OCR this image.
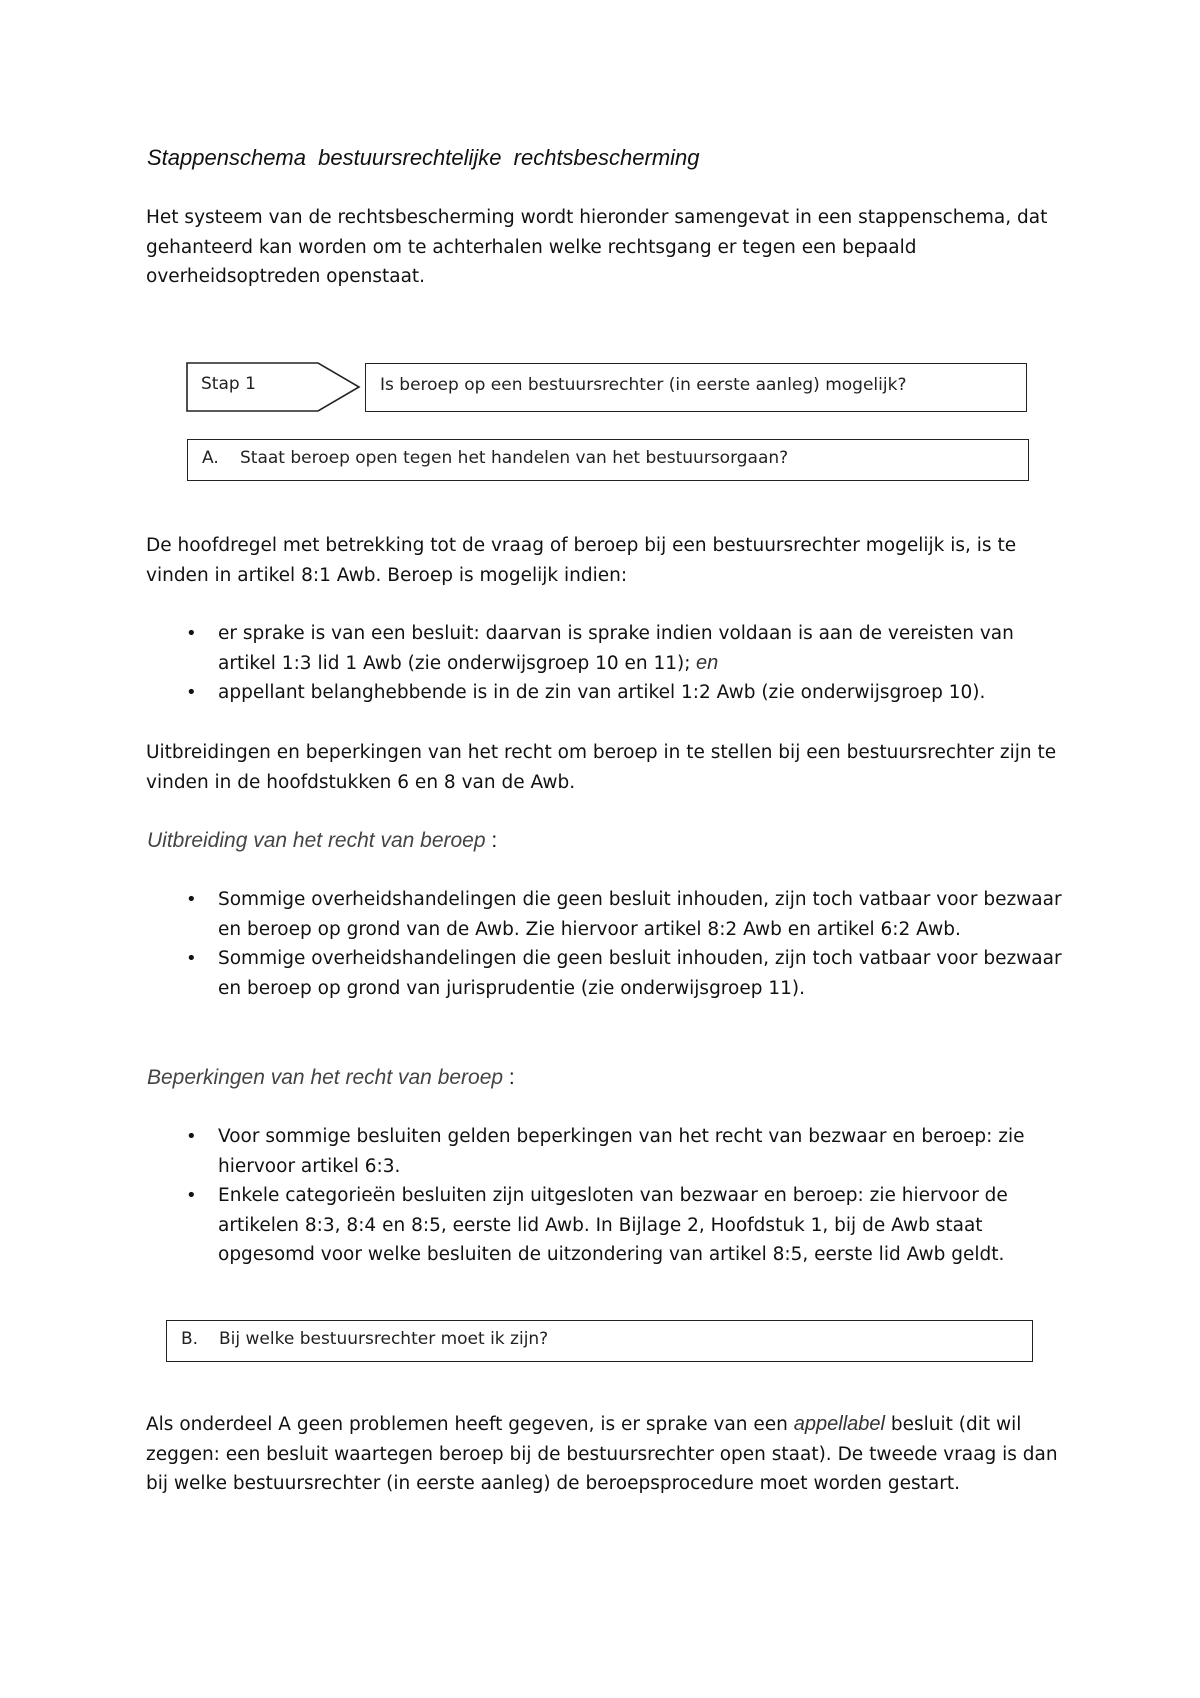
Stappenschema bestuursrechtelijke rechtsbescherming
Het systeem van de rechtsbescherming wordt hieronder samengevat in een stappenschema, dat gehanteerd kan worden om te achterhalen welke rechtsgang er tegen een bepaald overheidsoptreden openstaat.
Stap 1	Is beroep op een bestuursrechter (in eerste aanleg) mogelijk?
A. Staat beroep open tegen het handelen van het bestuursorgaan?
De hoofdregel met betrekking tot de vraag of beroep bij een bestuursrechter mogelijk is, is te vinden in artikel 8:1 Awb. Beroep is mogelijk indien:
• er sprake is van een besluit: daarvan is sprake indien voldaan is aan de vereisten van artikel 1:3 lid 1 Awb (zie onderwijsgroep 10 en 11); en
• appellant belanghebbende is in de zin van artikel 1:2 Awb (zie onderwijsgroep 10).
Uitbreidingen en beperkingen van het recht om beroep in te stellen bij een bestuursrechter zijn te vinden in de hoofdstukken 6 en 8 van de Awb.
Uitbreiding van het recht van beroep :
• Sommige overheidshandelingen die geen besluit inhouden, zijn toch vatbaar voor bezwaar en beroep op grond van de Awb. Zie hiervoor artikel 8:2 Awb en artikel 6:2 Awb.
• Sommige overheidshandelingen die geen besluit inhouden, zijn toch vatbaar voor bezwaar en beroep op grond van jurisprudentie (zie onderwijsgroep 11).
Beperkingen van het recht van beroep :
• Voor sommige besluiten gelden beperkingen van het recht van bezwaar en beroep: zie hiervoor artikel 6:3.
• Enkele categorieën besluiten zijn uitgesloten van bezwaar en beroep: zie hiervoor de artikelen 8:3, 8:4 en 8:5, eerste lid Awb. In Bijlage 2, Hoofdstuk 1, bij de Awb staat opgesomd voor welke besluiten de uitzondering van artikel 8:5, eerste lid Awb geldt.
B. Bij welke bestuursrechter moet ik zijn?
Als onderdeel A geen problemen heeft gegeven, is er sprake van een appellabel besluit (dit wil zeggen: een besluit waartegen beroep bij de bestuursrechter open staat). De tweede vraag is dan bij welke bestuursrechter (in eerste aanleg) de beroepsprocedure moet worden gestart.
